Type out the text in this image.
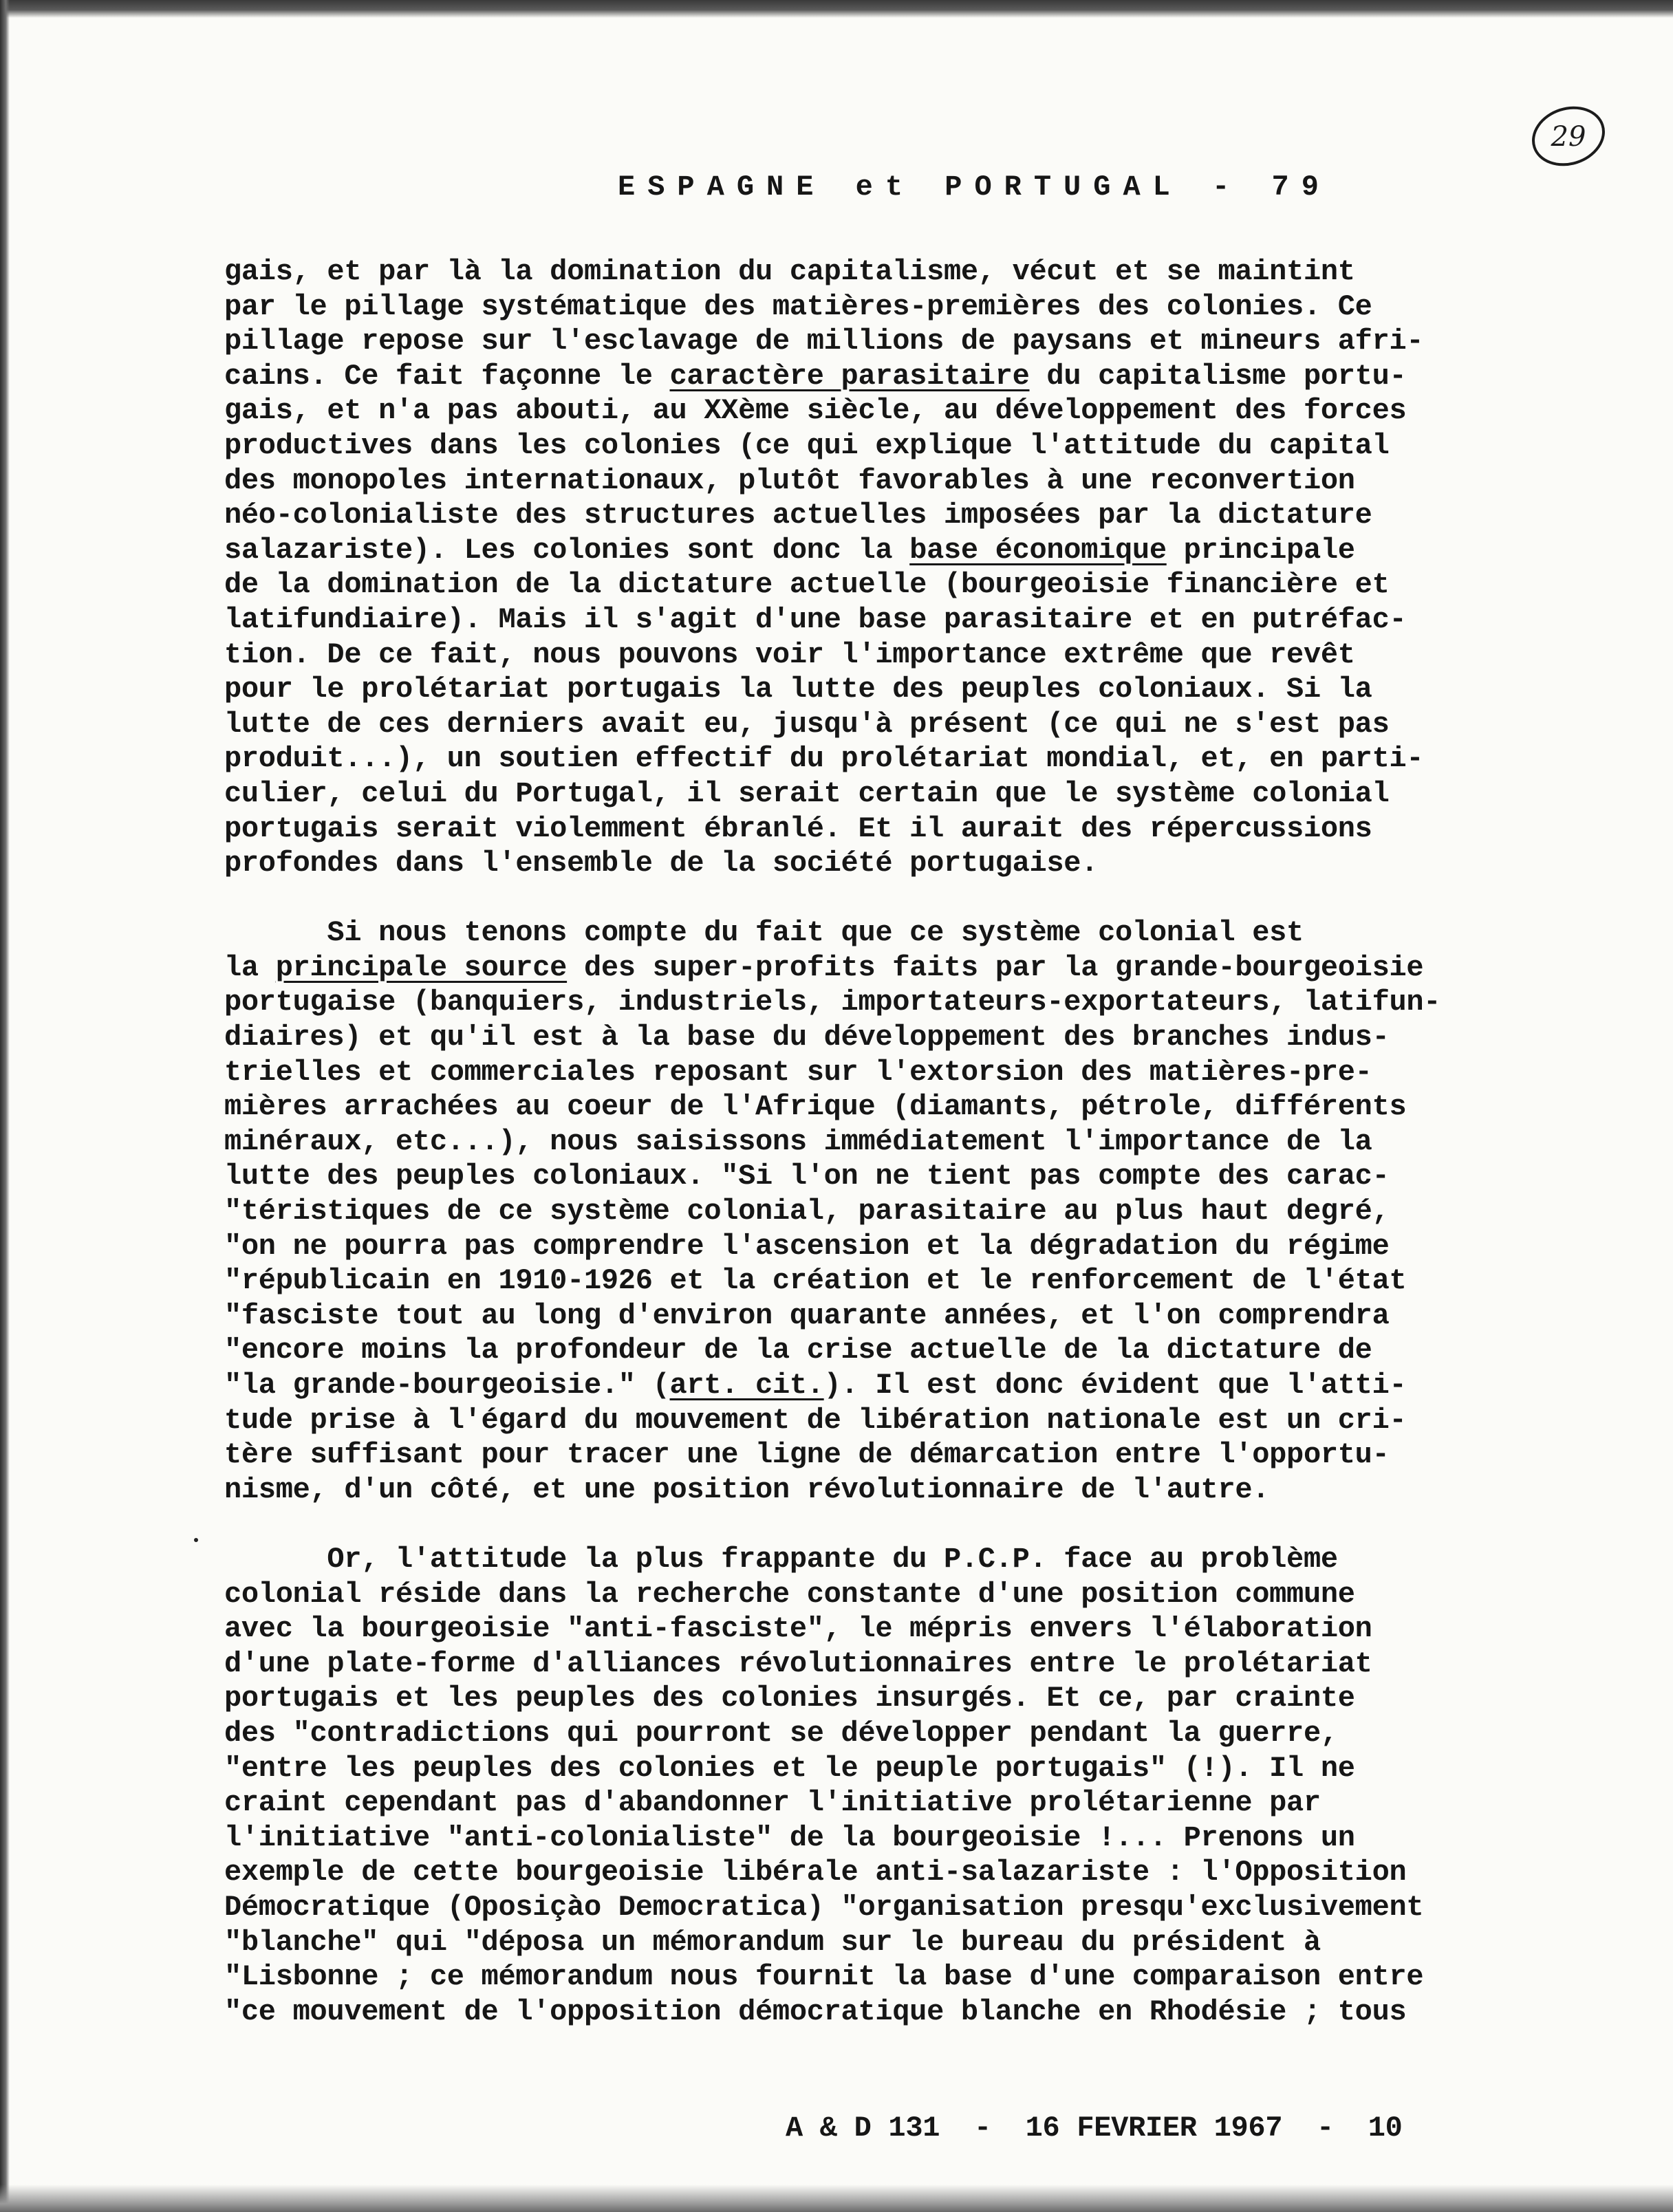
29
ESPAGNE et PORTUGAL - 79
gais, et par là la domination du capitalisme, vécut et se maintint
par le pillage systématique des matières-premières des colonies. Ce
pillage repose sur l'esclavage de millions de paysans et mineurs afri-
cains. Ce fait façonne le caractère parasitaire du capitalisme portu-
gais, et n'a pas abouti, au XXème siècle, au développement des forces
productives dans les colonies (ce qui explique l'attitude du capital
des monopoles internationaux, plutôt favorables à une reconvertion
néo-colonialiste des structures actuelles imposées par la dictature
salazariste). Les colonies sont donc la base économique principale
de la domination de la dictature actuelle (bourgeoisie financière et
latifundiaire). Mais il s'agit d'une base parasitaire et en putréfac-
tion. De ce fait, nous pouvons voir l'importance extrême que revêt
pour le prolétariat portugais la lutte des peuples coloniaux. Si la
lutte de ces derniers avait eu, jusqu'à présent (ce qui ne s'est pas
produit...), un soutien effectif du prolétariat mondial, et, en parti-
culier, celui du Portugal, il serait certain que le système colonial
portugais serait violemment ébranlé. Et il aurait des répercussions
profondes dans l'ensemble de la société portugaise.
Si nous tenons compte du fait que ce système colonial est
la principale source des super-profits faits par la grande-bourgeoisie
portugaise (banquiers, industriels, importateurs-exportateurs, latifun-
diaires) et qu'il est à la base du développement des branches indus-
trielles et commerciales reposant sur l'extorsion des matières-pre-
mières arrachées au coeur de l'Afrique (diamants, pétrole, différents
minéraux, etc...), nous saisissons immédiatement l'importance de la
lutte des peuples coloniaux. "Si l'on ne tient pas compte des carac-
"téristiques de ce système colonial, parasitaire au plus haut degré,
"on ne pourra pas comprendre l'ascension et la dégradation du régime
"républicain en 1910-1926 et la création et le renforcement de l'état
"fasciste tout au long d'environ quarante années, et l'on comprendra
"encore moins la profondeur de la crise actuelle de la dictature de
"la grande-bourgeoisie." (art. cit.). Il est donc évident que l'atti-
tude prise à l'égard du mouvement de libération nationale est un cri-
tère suffisant pour tracer une ligne de démarcation entre l'opportu-
nisme, d'un côté, et une position révolutionnaire de l'autre.
Or, l'attitude la plus frappante du P.C.P. face au problème
colonial réside dans la recherche constante d'une position commune
avec la bourgeoisie "anti-fasciste", le mépris envers l'élaboration
d'une plate-forme d'alliances révolutionnaires entre le prolétariat
portugais et les peuples des colonies insurgés. Et ce, par crainte
des "contradictions qui pourront se développer pendant la guerre,
"entre les peuples des colonies et le peuple portugais" (!). Il ne
craint cependant pas d'abandonner l'initiative prolétarienne par
l'initiative "anti-colonialiste" de la bourgeoisie !... Prenons un
exemple de cette bourgeoisie libérale anti-salazariste : l'Opposition
Démocratique (Oposiçào Democratica) "organisation presqu'exclusivement
"blanche" qui "déposa un mémorandum sur le bureau du président à
"Lisbonne ; ce mémorandum nous fournit la base d'une comparaison entre
"ce mouvement de l'opposition démocratique blanche en Rhodésie ; tous
A & D 131  -  16 FEVRIER 1967  -  10
